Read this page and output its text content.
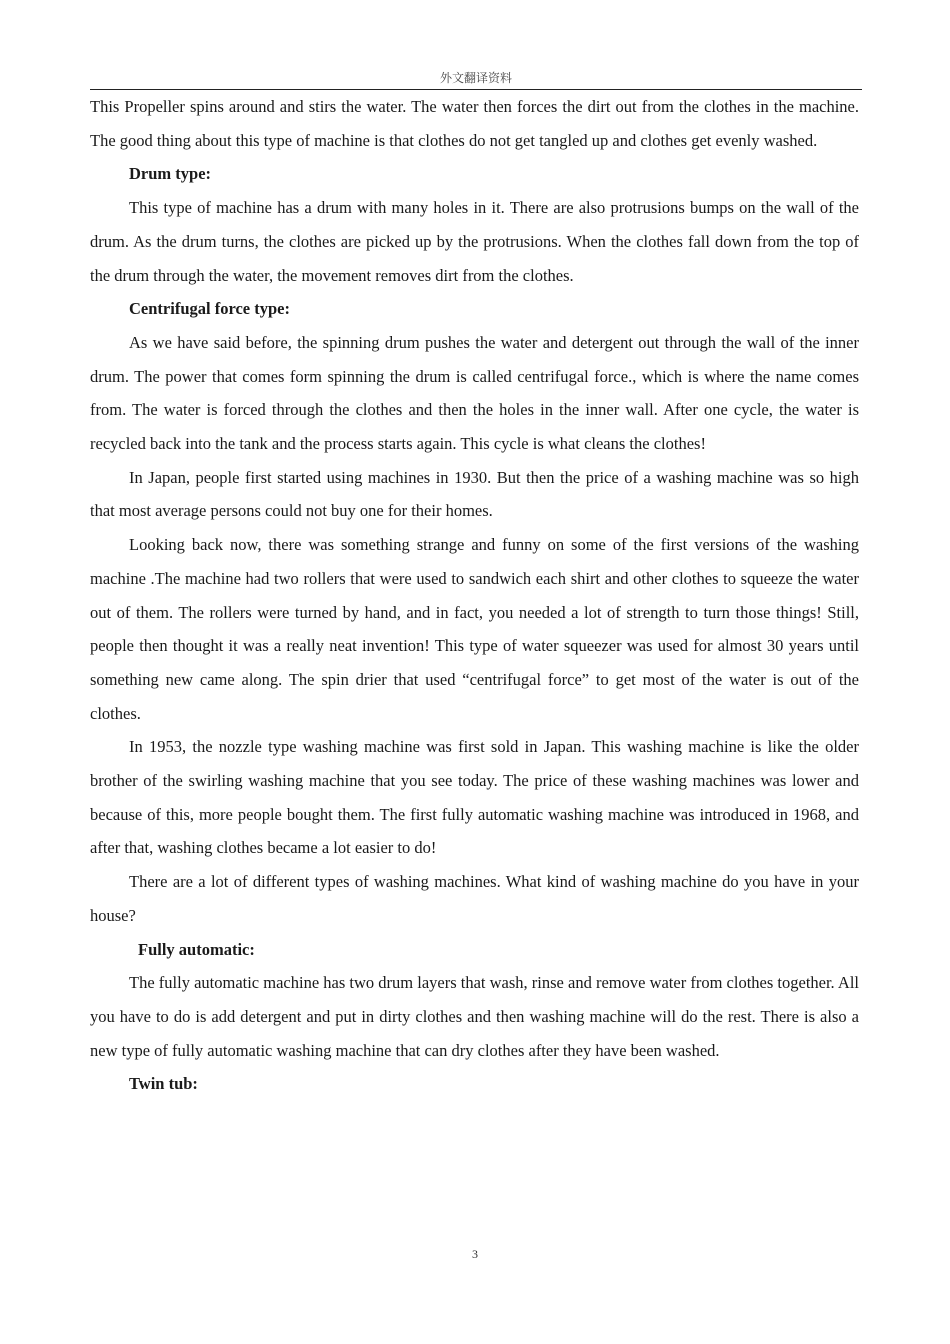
外文翻译资料

This Propeller spins around and stirs the water. The water then forces the dirt out from the clothes in the machine. The good thing about this type of machine is that clothes do not get tangled up and clothes get evenly washed.

Drum type:

This type of machine has a drum with many holes in it. There are also protrusions bumps on the wall of the drum. As the drum turns, the clothes are picked up by the protrusions. When the clothes fall down from the top of the drum through the water, the movement removes dirt from the clothes.

Centrifugal force type:

As we have said before, the spinning drum pushes the water and detergent out through the wall of the inner drum. The power that comes form spinning the drum is called centrifugal force., which is where the name comes from. The water is forced through the clothes and then the holes in the inner wall. After one cycle, the water is recycled back into the tank and the process starts again. This cycle is what cleans the clothes!

In Japan, people first started using machines in 1930. But then the price of a washing machine was so high that most average persons could not buy one for their homes.

Looking back now, there was something strange and funny on some of the first versions of the washing machine .The machine had two rollers that were used to sandwich each shirt and other clothes to squeeze the water out of them. The rollers were turned by hand, and in fact, you needed a lot of strength to turn those things! Still, people then thought it was a really neat invention! This type of water squeezer was used for almost 30 years until something new came along. The spin drier that used “centrifugal force” to get most of the water is out of the clothes.

In 1953, the nozzle type washing machine was first sold in Japan. This washing machine is like the older brother of the swirling washing machine that you see today. The price of these washing machines was lower and because of this, more people bought them. The first fully automatic washing machine was introduced in 1968, and after that, washing clothes became a lot easier to do!

There are a lot of different types of washing machines. What kind of washing machine do you have in your house?

Fully automatic:

The fully automatic machine has two drum layers that wash, rinse and remove water from clothes together. All you have to do is add detergent and put in dirty clothes and then washing machine will do the rest. There is also a new type of fully automatic washing machine that can dry clothes after they have been washed.

Twin tub:

3
